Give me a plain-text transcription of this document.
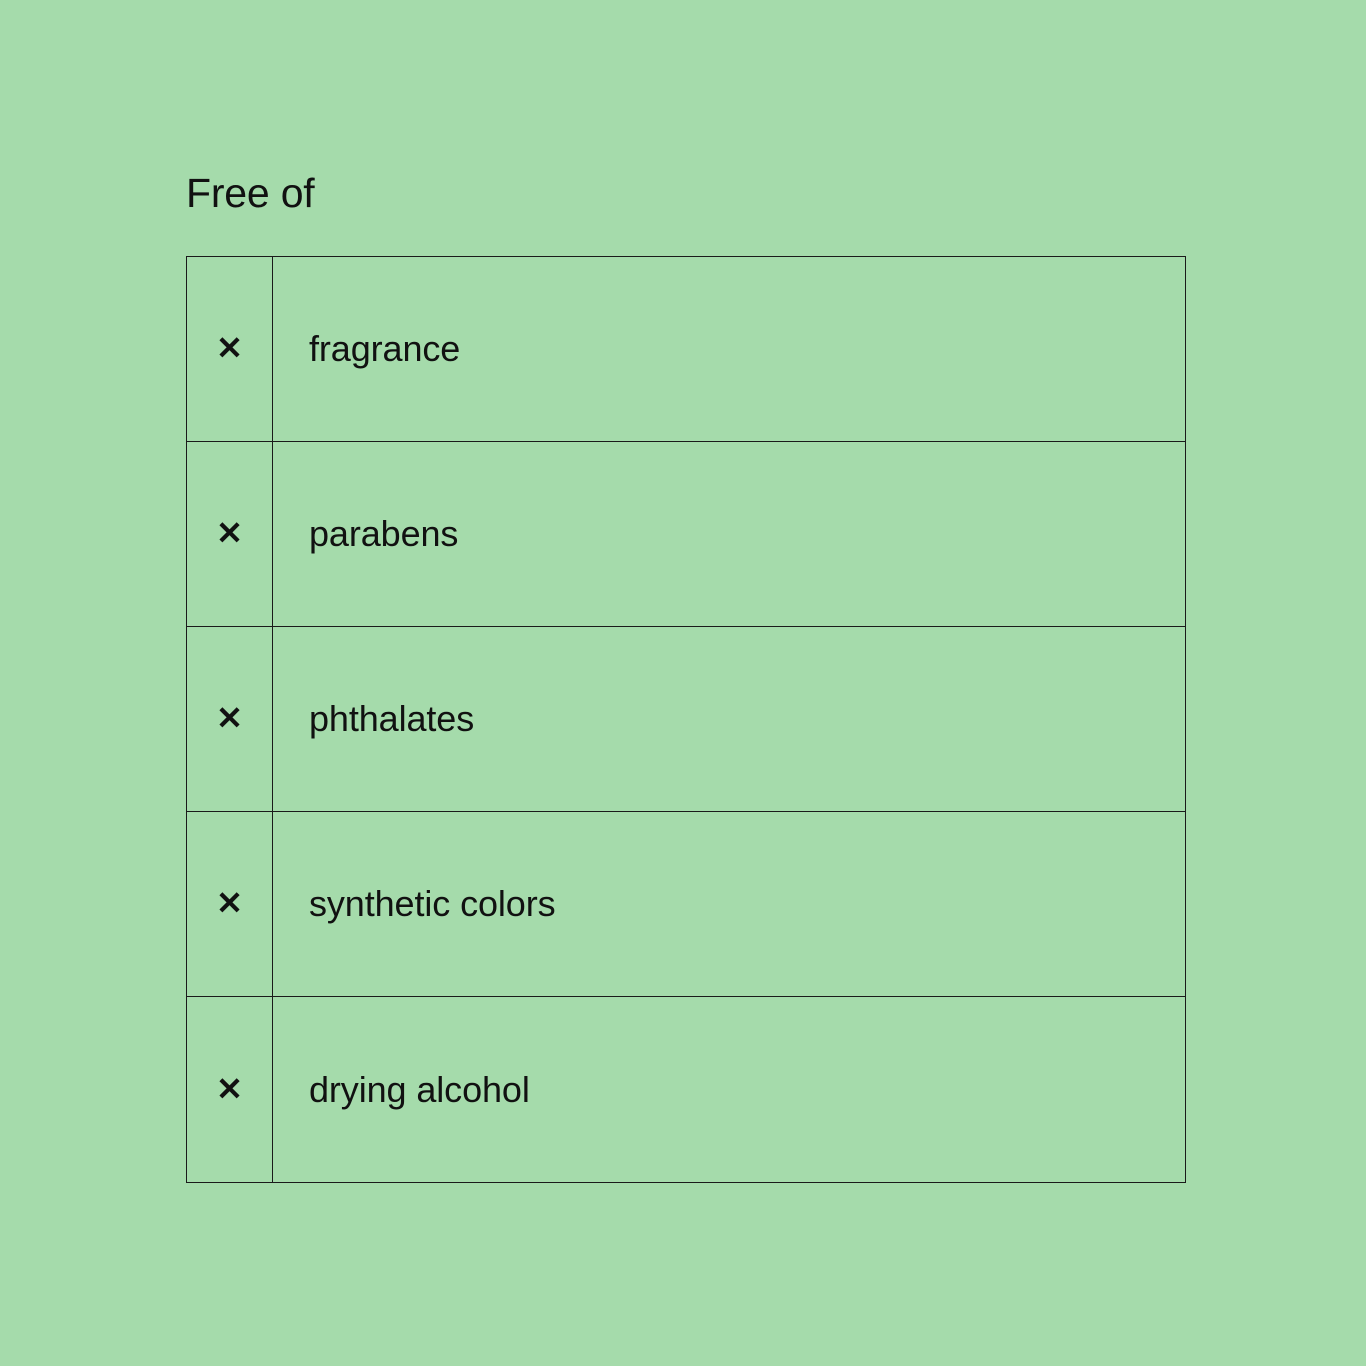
Free of
✕ fragrance
✕ parabens
✕ phthalates
✕ synthetic colors
✕ drying alcohol
